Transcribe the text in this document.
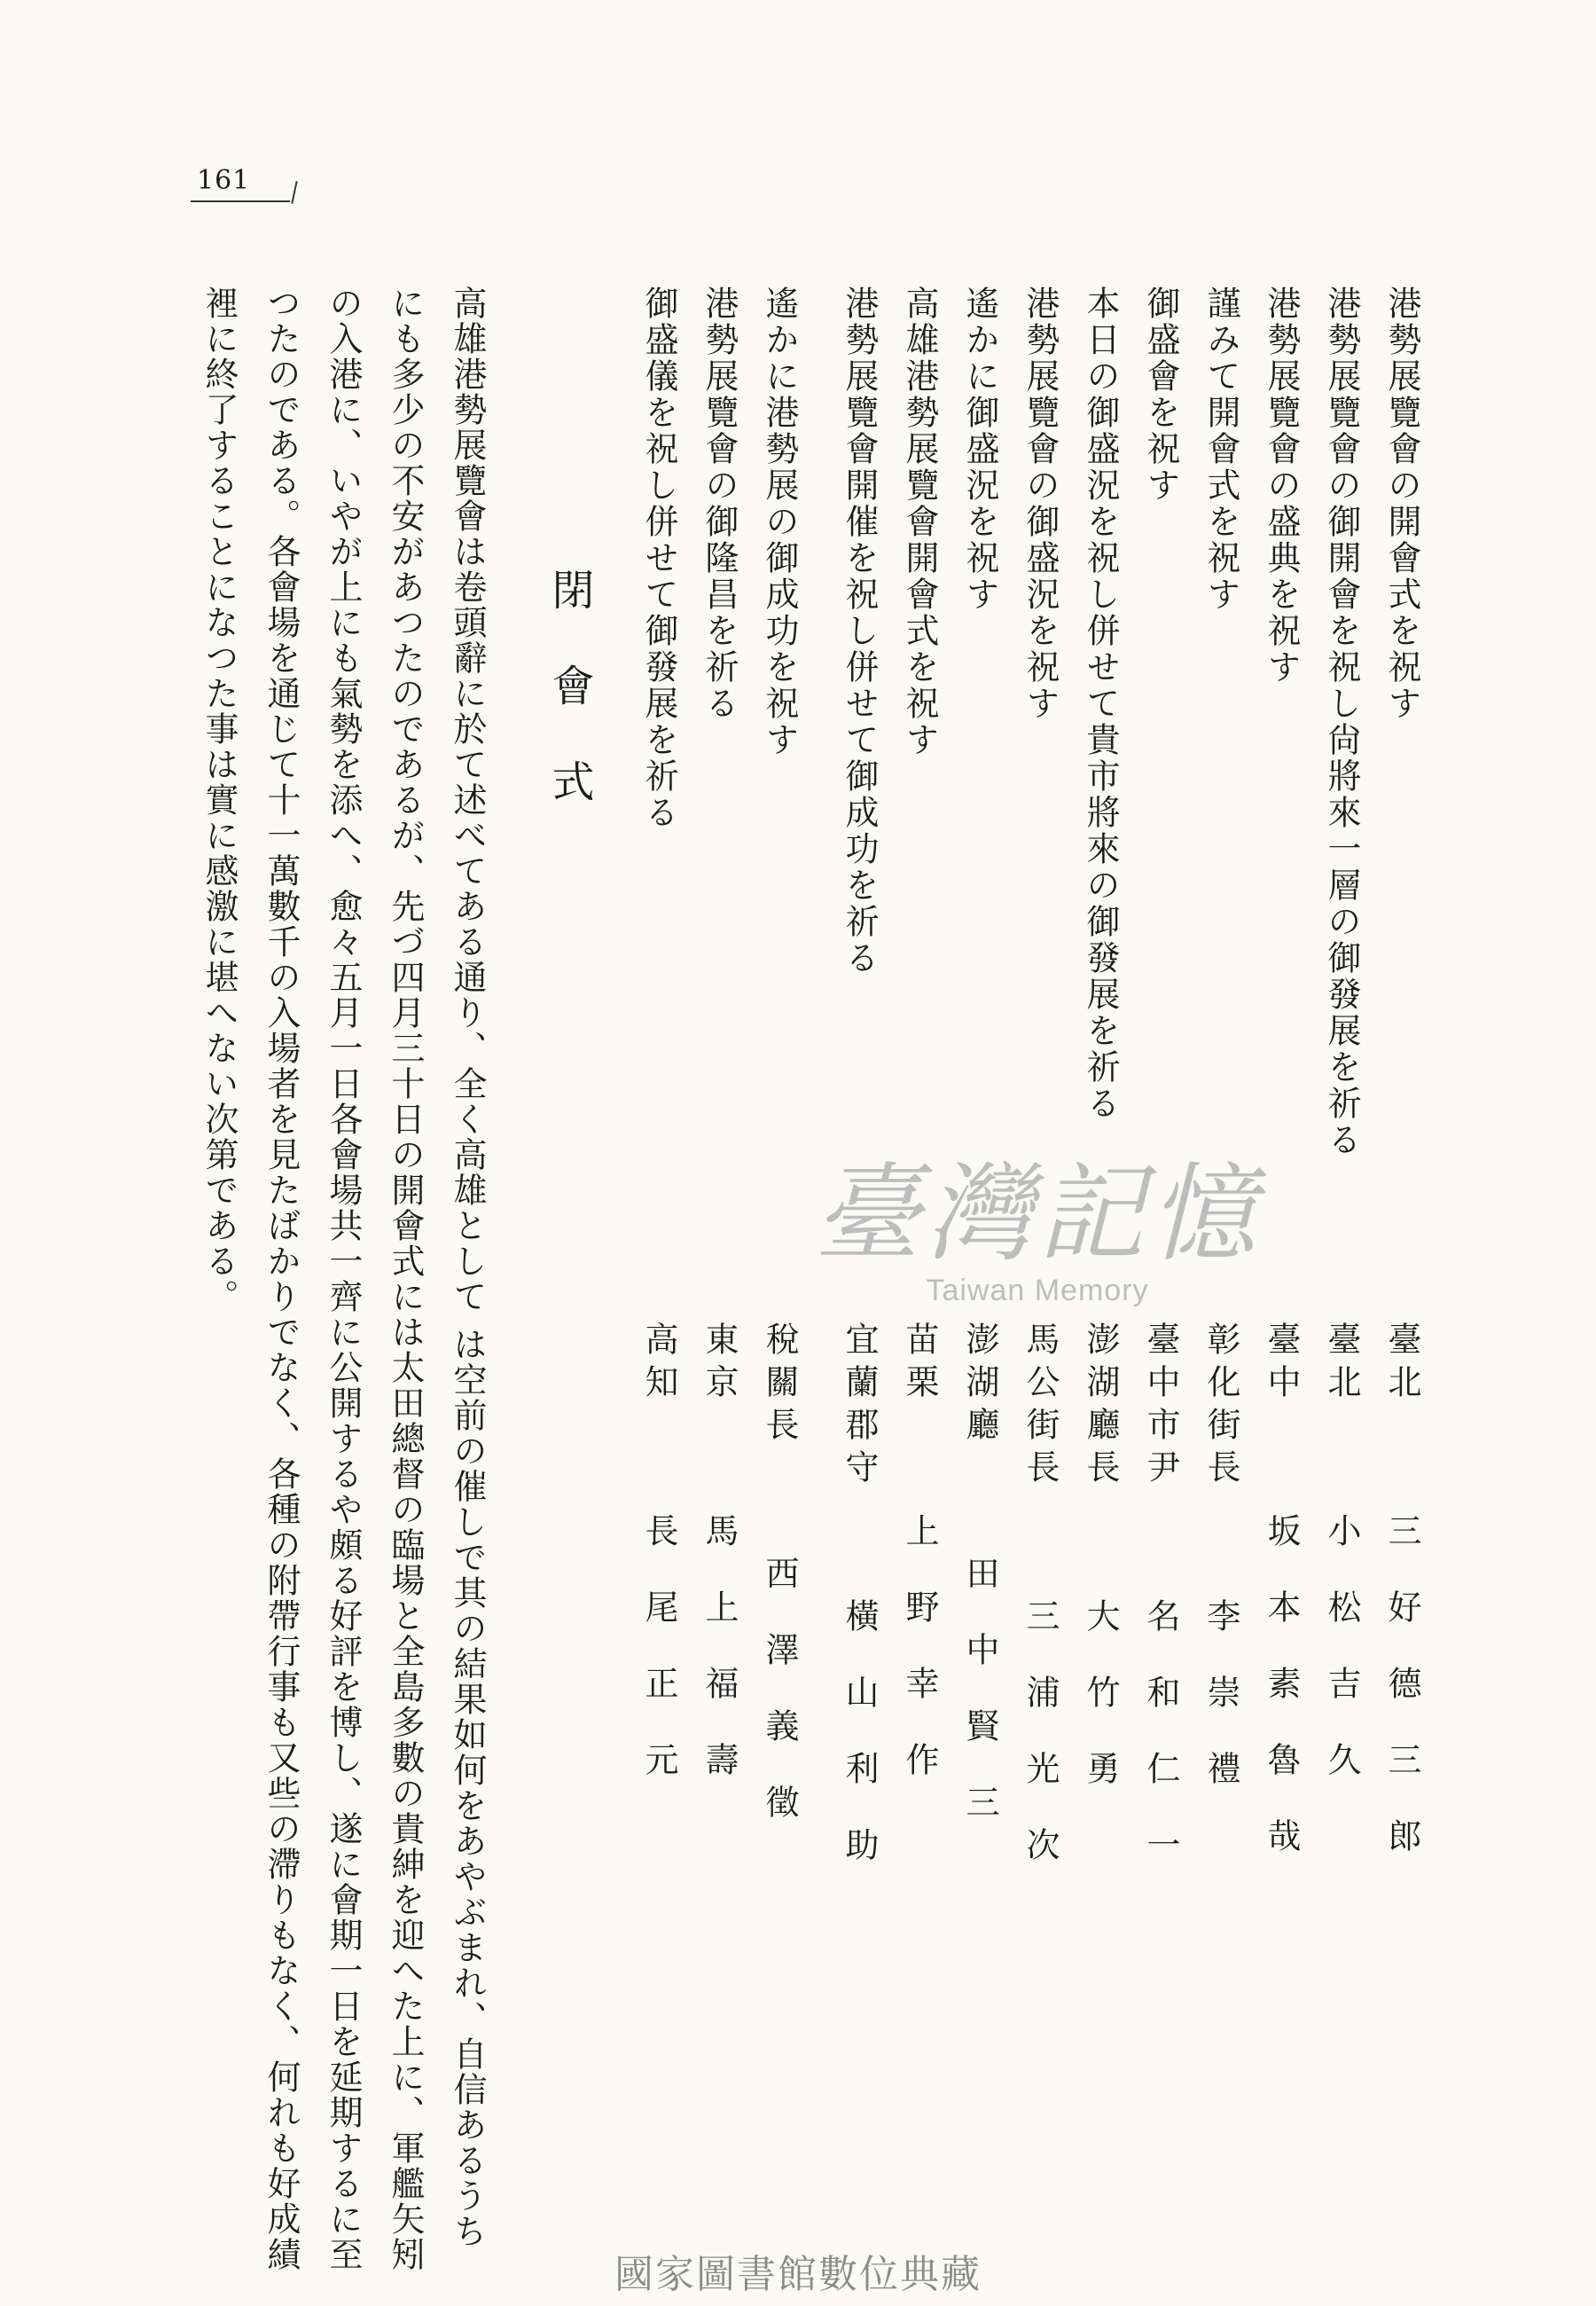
161
港勢展覽會の開會式を祝す
港勢展覽會の御開會を祝し尙將來一層の御發展を祈る
港勢展覽會の盛典を祝す
謹みて開會式を祝す
御盛會を祝す
本日の御盛況を祝し併せて貴市將來の御發展を祈る
港勢展覽會の御盛況を祝す
遙かに御盛況を祝す
高雄港勢展覽會開會式を祝す
港勢展覽會開催を祝し併せて御成功を祈る
遙かに港勢展の御成功を祝す
港勢展覽會の御隆昌を祈る
御盛儀を祝し併せて御發展を祈る
臺灣記憶
Taiwan Memory
臺北
三好德三郎
臺北
小松吉久
臺中
坂本素魯哉
彰化街長
李崇禮
臺中市尹
名和仁一
澎湖廳長
大竹勇
馬公街長
三浦光次
澎湖廳
田中賢三
苗栗
上野幸作
宜蘭郡守
橫山利助
稅關長
西澤義徵
東京
馬上福壽
高知
長尾正元
閉會式
高雄港勢展覽會は卷頭辭に於て述べてある通り、全く高雄として は空前の催しで其の結果如何をあやぶまれ、自信あるうち
にも多少の不安があつたのであるが、先づ四月三十日の開會式には太田總督の臨場と全島多數の貴紳を迎へた上に、軍艦矢矧
の入港に、いやが上にも氣勢を添へ、愈々五月一日各會場共一齊に公開するや頗る好評を博し、遂に會期一日を延期するに至
つたのである。各會場を通じて十一萬數千の入場者を見たばかりでなく、各種の附帶行事も又些の滯りもなく、何れも好成績
裡に終了することになつた事は實に感激に堪へない次第である。
國家圖書館數位典藏
